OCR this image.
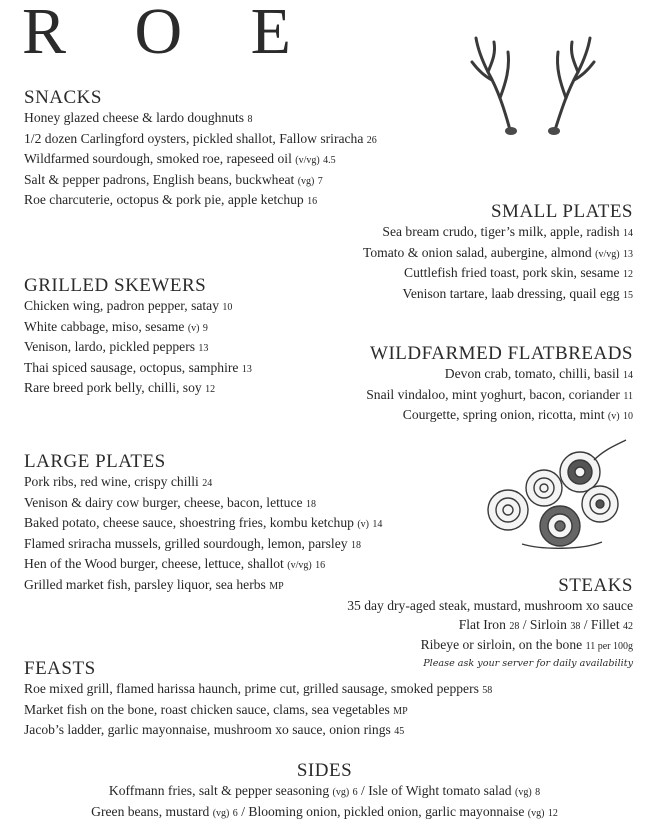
R O E
SNACKS
Honey glazed cheese & lardo doughnuts 8
1/2 dozen Carlingford oysters, pickled shallot, Fallow sriracha 26
Wildfarmed sourdough, smoked roe, rapeseed oil (v/vg) 4.5
Salt & pepper padrons, English beans, buckwheat (vg) 7
Roe charcuterie, octopus & pork pie, apple ketchup 16	SMALL PLATES
Sea bream crudo, tiger’s milk, apple, radish 14
Tomato & onion salad, aubergine, almond (v/vg) 13
Cuttlefish fried toast, pork skin, sesame 12
Venison tartare, laab dressing, quail egg 15
GRILLED SKEWERS
Chicken wing, padron pepper, satay 10
White cabbage, miso, sesame (v) 9
Venison, lardo, pickled peppers 13
Thai spiced sausage, octopus, samphire 13
Rare breed pork belly, chilli, soy 12
WILDFARMED FLATBREADS
Devon crab, tomato, chilli, basil 14
Snail vindaloo, mint yoghurt, bacon, coriander 11
Courgette, spring onion, ricotta, mint (v) 10
LARGE PLATES
Pork ribs, red wine, crispy chilli 24
Venison & dairy cow burger, cheese, bacon, lettuce 18
Baked potato, cheese sauce, shoestring fries, kombu ketchup (v) 14
Flamed sriracha mussels, grilled sourdough, lemon, parsley 18
Hen of the Wood burger, cheese, lettuce, shallot (v/vg) 16
Grilled market fish, parsley liquor, sea herbs MP	STEAKS
35 day dry-aged steak, mustard, mushroom xo sauce
Flat Iron 28 / Sirloin 38 / Fillet 42
Ribeye or sirloin, on the bone 11 per 100g
Please ask your server for daily availability
FEASTS
Roe mixed grill, flamed harissa haunch, prime cut, grilled sausage, smoked peppers 58
Market fish on the bone, roast chicken sauce, clams, sea vegetables MP
Jacob’s ladder, garlic mayonnaise, mushroom xo sauce, onion rings 45
SIDES
Koffmann fries, salt & pepper seasoning (vg) 6 / Isle of Wight tomato salad (vg) 8
Green beans, mustard (vg) 6 / Blooming onion, pickled onion, garlic mayonnaise (vg) 12
